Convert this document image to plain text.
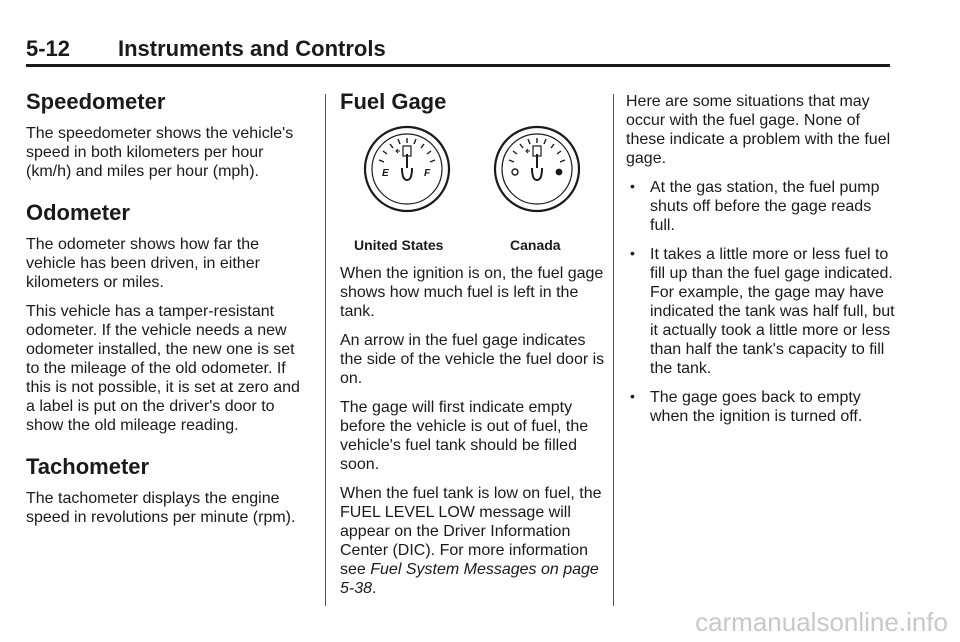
5-12 Instruments and Controls
Speedometer

The speedometer shows the vehicle's speed in both kilometers per hour (km/h) and miles per hour (mph).

Odometer

The odometer shows how far the vehicle has been driven, in either kilometers or miles.

This vehicle has a tamper-resistant odometer. If the vehicle needs a new odometer installed, the new one is set to the mileage of the old odometer. If this is not possible, it is set at zero and a label is put on the driver's door to show the old mileage reading.

Tachometer

The tachometer displays the engine speed in revolutions per minute (rpm).

Fuel Gage
E	F
United States	Canada

When the ignition is on, the fuel gage shows how much fuel is left in the tank.

An arrow in the fuel gage indicates the side of the vehicle the fuel door is on.

The gage will first indicate empty before the vehicle is out of fuel, the vehicle's fuel tank should be filled soon.

When the fuel tank is low on fuel, the FUEL LEVEL LOW message will appear on the Driver Information Center (DIC). For more information see Fuel System Messages on page 5-38.

Here are some situations that may occur with the fuel gage. None of these indicate a problem with the fuel gage.

• At the gas station, the fuel pump shuts off before the gage reads full.
• It takes a little more or less fuel to fill up than the fuel gage indicated. For example, the gage may have indicated the tank was half full, but it actually took a little more or less than half the tank's capacity to fill the tank.
• The gage goes back to empty when the ignition is turned off.
carmanualsonline.info
